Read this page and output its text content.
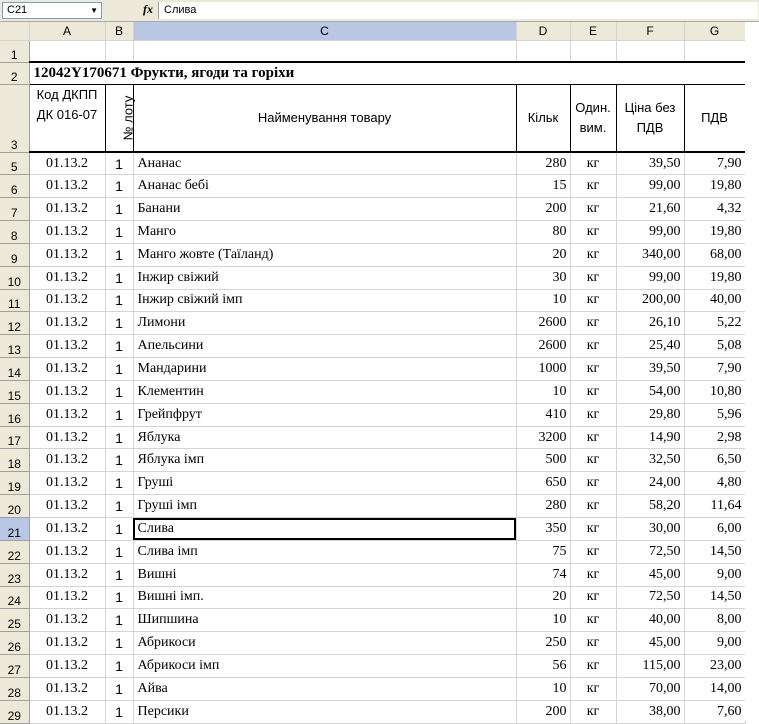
C21	▼	fx	Слива
	A	B	C	D	E	F	G
1							
2	12042Y170671 Фрукти, ягоди та горіхи						
3	Код ДКПП ДК 016-07	№ лоту	Найменування товару	Кільк	Один. вим.	Ціна без ПДВ	ПДВ
5	01.13.2	1	Ананас	280	кг	39,50	7,90
6	01.13.2	1	Ананас бебі	15	кг	99,00	19,80
7	01.13.2	1	Банани	200	кг	21,60	4,32
8	01.13.2	1	Манго	80	кг	99,00	19,80
9	01.13.2	1	Манго жовте (Таїланд)	20	кг	340,00	68,00
10	01.13.2	1	Інжир свіжий	30	кг	99,00	19,80
11	01.13.2	1	Інжир свіжий імп	10	кг	200,00	40,00
12	01.13.2	1	Лимони	2600	кг	26,10	5,22
13	01.13.2	1	Апельсини	2600	кг	25,40	5,08
14	01.13.2	1	Мандарини	1000	кг	39,50	7,90
15	01.13.2	1	Клементин	10	кг	54,00	10,80
16	01.13.2	1	Грейпфрут	410	кг	29,80	5,96
17	01.13.2	1	Яблука	3200	кг	14,90	2,98
18	01.13.2	1	Яблука імп	500	кг	32,50	6,50
19	01.13.2	1	Груші	650	кг	24,00	4,80
20	01.13.2	1	Груші імп	280	кг	58,20	11,64
21	01.13.2	1	Слива	350	кг	30,00	6,00
22	01.13.2	1	Слива імп	75	кг	72,50	14,50
23	01.13.2	1	Вишні	74	кг	45,00	9,00
24	01.13.2	1	Вишні імп.	20	кг	72,50	14,50
25	01.13.2	1	Шипшина	10	кг	40,00	8,00
26	01.13.2	1	Абрикоси	250	кг	45,00	9,00
27	01.13.2	1	Абрикоси імп	56	кг	115,00	23,00
28	01.13.2	1	Айва	10	кг	70,00	14,00
29	01.13.2	1	Персики	200	кг	38,00	7,60
